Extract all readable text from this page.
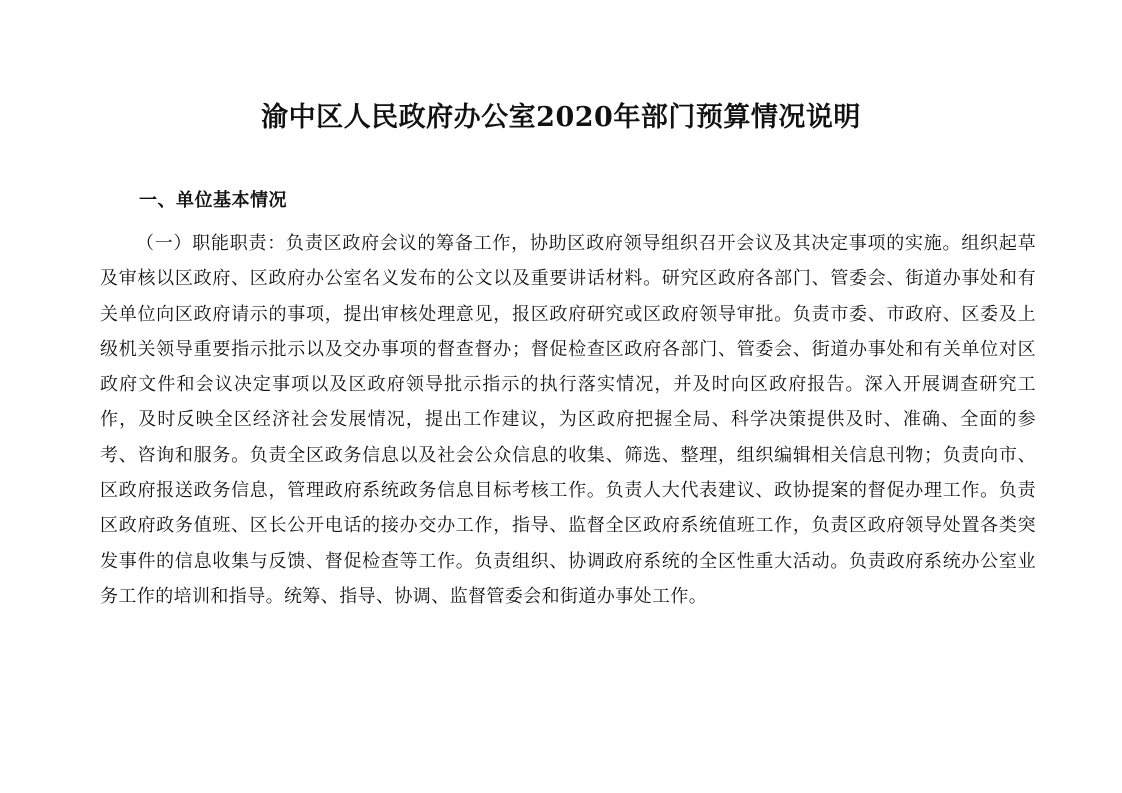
渝中区人民政府办公室2020年部门预算情况说明
一、单位基本情况

（一）职能职责：负责区政府会议的筹备工作，协助区政府领导组织召开会议及其决定事项的实施。组织起草及审核以区政府、区政府办公室名义发布的公文以及重要讲话材料。研究区政府各部门、管委会、街道办事处和有关单位向区政府请示的事项，提出审核处理意见，报区政府研究或区政府领导审批。负责市委、市政府、区委及上级机关领导重要指示批示以及交办事项的督查督办；督促检查区政府各部门、管委会、街道办事处和有关单位对区政府文件和会议决定事项以及区政府领导批示指示的执行落实情况，并及时向区政府报告。深入开展调查研究工作，及时反映全区经济社会发展情况，提出工作建议，为区政府把握全局、科学决策提供及时、准确、全面的参考、咨询和服务。负责全区政务信息以及社会公众信息的收集、筛选、整理，组织编辑相关信息刊物；负责向市、区政府报送政务信息，管理政府系统政务信息目标考核工作。负责人大代表建议、政协提案的督促办理工作。负责区政府政务值班、区长公开电话的接办交办工作，指导、监督全区政府系统值班工作，负责区政府领导处置各类突发事件的信息收集与反馈、督促检查等工作。负责组织、协调政府系统的全区性重大活动。负责政府系统办公室业务工作的培训和指导。统筹、指导、协调、监督管委会和街道办事处工作。
